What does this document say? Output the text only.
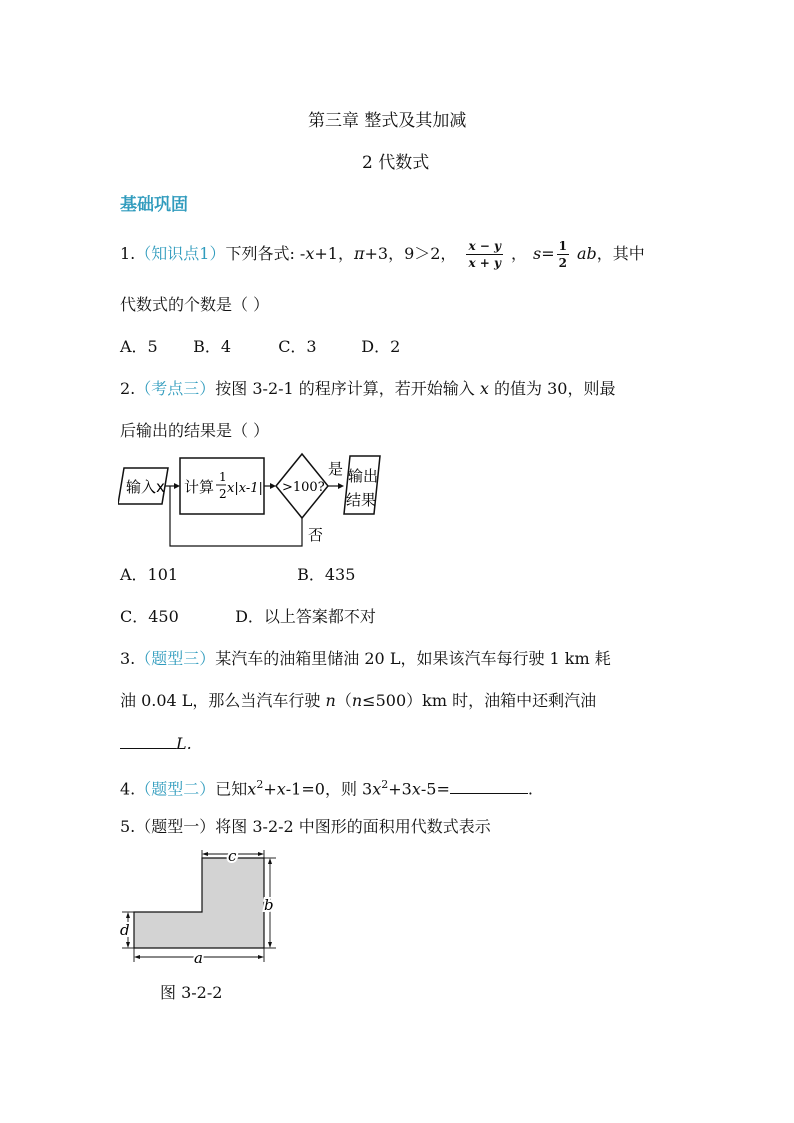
第三章 整式及其加减
2 代数式
基础巩固
1. （知识点1） 下列各式: - x +1， π +3，9＞2， $\frac{x - y}{x + y}$ ， $s = \frac{1}{2}$ ab ，其中
代数式的个数是（ ）
A．5 B．4	C．3	D．2
2.（考点三）按图 3-2-1 的程序计算，若开始输入 x 的值为 30，则最
后输出的结果是（ ）
输入x 计算
1
2 x|x-1| >100?
是 输出
结果
否
A．101	B．435
C．450	D．以上答案都不对
3.（题型三）某汽车的油箱里储油 20 L，如果该汽车每行驶 1 km 耗
油 0.04 L，那么当汽车行驶 n（n≤500）km 时，油箱中还剩汽油
L.
4.（题型二）已知$x^2+x-1=0$，则 $3x^2+3x-5=$	.
5.（题型一）将图 3-2-2 中图形的面积用代数式表示
c
b
d
a
图 3-2-2
